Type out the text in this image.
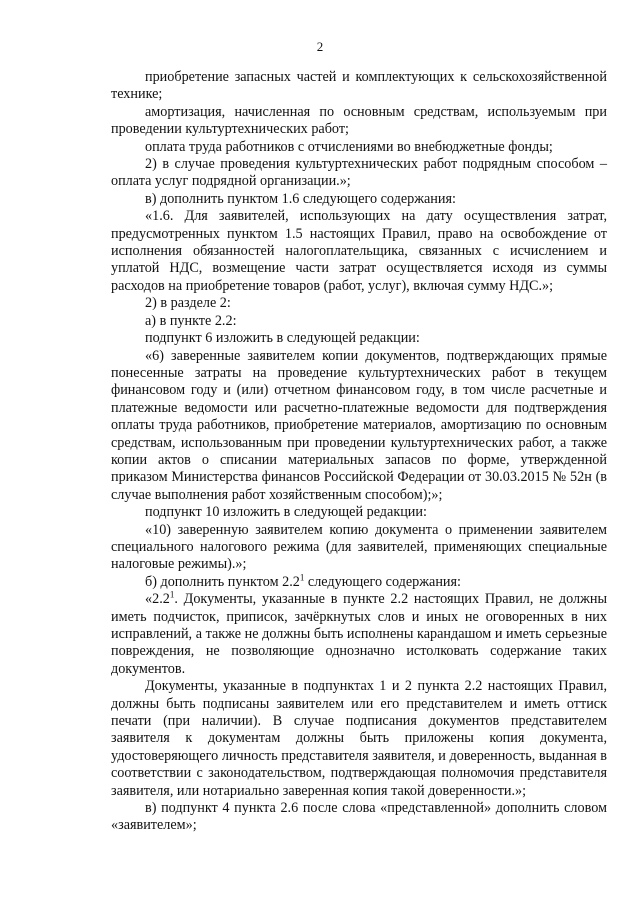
2

приобретение запасных частей и комплектующих к сельскохозяйственной технике;

амортизация, начисленная по основным средствам, используемым при проведении культуртехнических работ;

оплата труда работников с отчислениями во внебюджетные фонды;

2) в случае проведения культуртехнических работ подрядным способом – оплата услуг подрядной организации.»;

в) дополнить пунктом 1.6 следующего содержания:

«1.6. Для заявителей, использующих на дату осуществления затрат, предусмотренных пунктом 1.5 настоящих Правил, право на освобождение от исполнения обязанностей налогоплательщика, связанных с исчислением и уплатой НДС, возмещение части затрат осуществляется исходя из суммы расходов на приобретение товаров (работ, услуг), включая сумму НДС.»;

2) в разделе 2:

а) в пункте 2.2:

подпункт 6 изложить в следующей редакции:

«6) заверенные заявителем копии документов, подтверждающих прямые понесенные затраты на проведение культуртехнических работ в текущем финансовом году и (или) отчетном финансовом году, в том числе расчетные и платежные ведомости или расчетно-платежные ведомости для подтверждения оплаты труда работников, приобретение материалов, амортизацию по основным средствам, использованным при проведении культуртехнических работ, а также копии актов о списании материальных запасов по форме, утвержденной приказом Министерства финансов Российской Федерации от 30.03.2015 № 52н (в случае выполнения работ хозяйственным способом);»;

подпункт 10 изложить в следующей редакции:

«10) заверенную заявителем копию документа о применении заявителем специального налогового режима (для заявителей, применяющих специальные налоговые режимы).»;

б) дополнить пунктом $2.2^1$ следующего содержания:

«$2.2^1$. Документы, указанные в пункте 2.2 настоящих Правил, не должны иметь подчисток, приписок, зачёркнутых слов и иных не оговоренных в них исправлений, а также не должны быть исполнены карандашом и иметь серьезные повреждения, не позволяющие однозначно истолковать содержание таких документов.

Документы, указанные в подпунктах 1 и 2 пункта 2.2 настоящих Правил, должны быть подписаны заявителем или его представителем и иметь оттиск печати (при наличии). В случае подписания документов представителем заявителя к документам должны быть приложены копия документа, удостоверяющего личность представителя заявителя, и доверенность, выданная в соответствии с законодательством, подтверждающая полномочия представителя заявителя, или нотариально заверенная копия такой доверенности.»;

в) подпункт 4 пункта 2.6 после слова «представленной» дополнить словом «заявителем»;
